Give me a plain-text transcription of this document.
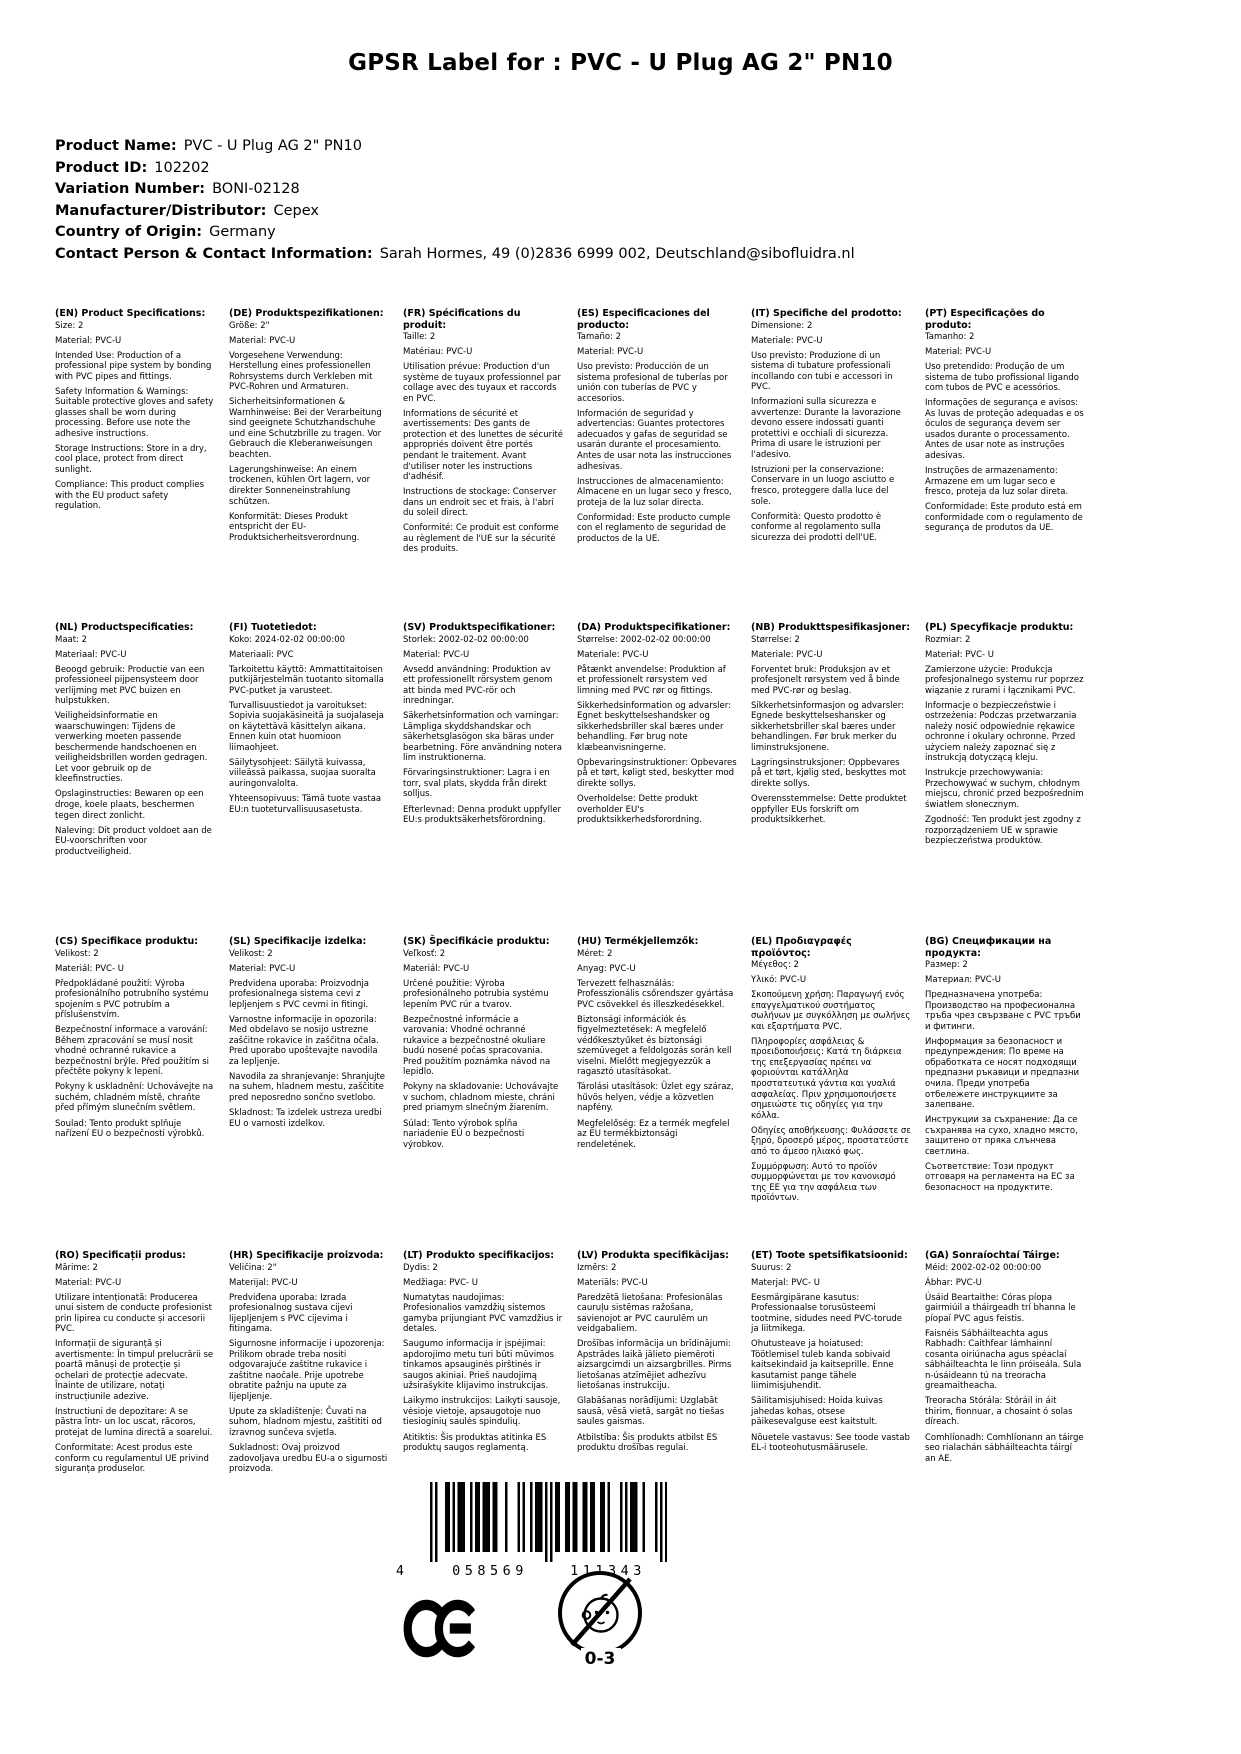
GPSR Label for : PVC - U Plug AG 2" PN10
Product Name: PVC - U Plug AG 2" PN10
Product ID: 102202
Variation Number: BONI-02128
Manufacturer/Distributor: Cepex
Country of Origin: Germany
Contact Person & Contact Information: Sarah Hormes, 49 (0)2836 6999 002, Deutschland@sibofluidra.nl
(EN) Product Specifications:

Size: 2

Material: PVC-U

Intended Use: Production of a professional pipe system by bonding with PVC pipes and fittings.

Safety Information & Warnings: Suitable protective gloves and safety glasses shall be worn during processing. Before use note the adhesive instructions.

Storage Instructions: Store in a dry, cool place, protect from direct sunlight.

Compliance: This product complies with the EU product safety regulation.

(DE) Produktspezifikationen:

Größe: 2"

Material: PVC-U

Vorgesehene Verwendung: Herstellung eines professionellen Rohrsystems durch Verkleben mit PVC-Rohren und Armaturen.

Sicherheitsinformationen & Warnhinweise: Bei der Verarbeitung sind geeignete Schutzhandschuhe und eine Schutzbrille zu tragen. Vor Gebrauch die Kleberanweisungen beachten.

Lagerungshinweise: An einem trockenen, kühlen Ort lagern, vor direkter Sonneneinstrahlung schützen.

Konformität: Dieses Produkt entspricht der EU-Produktsicherheitsverordnung.

(FR) Spécifications du produit:

Taille: 2

Matériau: PVC-U

Utilisation prévue: Production d'un système de tuyaux professionnel par collage avec des tuyaux et raccords en PVC.

Informations de sécurité et avertissements: Des gants de protection et des lunettes de sécurité appropriés doivent être portés pendant le traitement. Avant d'utiliser noter les instructions d'adhésif.

Instructions de stockage: Conserver dans un endroit sec et frais, à l'abri du soleil direct.

Conformité: Ce produit est conforme au règlement de l'UE sur la sécurité des produits.

(ES) Especificaciones del producto:

Tamaño: 2

Material: PVC-U

Uso previsto: Producción de un sistema profesional de tuberías por unión con tuberías de PVC y accesorios.

Información de seguridad y advertencias: Guantes protectores adecuados y gafas de seguridad se usarán durante el procesamiento. Antes de usar nota las instrucciones adhesivas.

Instrucciones de almacenamiento: Almacene en un lugar seco y fresco, proteja de la luz solar directa.

Conformidad: Este producto cumple con el reglamento de seguridad de productos de la UE.

(IT) Specifiche del prodotto:

Dimensione: 2

Materiale: PVC-U

Uso previsto: Produzione di un sistema di tubature professionali incollando con tubi e accessori in PVC.

Informazioni sulla sicurezza e avvertenze: Durante la lavorazione devono essere indossati guanti protettivi e occhiali di sicurezza. Prima di usare le istruzioni per l'adesivo.

Istruzioni per la conservazione: Conservare in un luogo asciutto e fresco, proteggere dalla luce del sole.

Conformità: Questo prodotto è conforme al regolamento sulla sicurezza dei prodotti dell'UE.

(PT) Especificações do produto:

Tamanho: 2

Material: PVC-U

Uso pretendido: Produção de um sistema de tubo profissional ligando com tubos de PVC e acessórios.

Informações de segurança e avisos: As luvas de proteção adequadas e os óculos de segurança devem ser usados durante o processamento. Antes de usar note as instruções adesivas.

Instruções de armazenamento: Armazene em um lugar seco e fresco, proteja da luz solar direta.

Conformidade: Este produto está em conformidade com o regulamento de segurança de produtos da UE.

(NL) Productspecificaties:

Maat: 2

Materiaal: PVC-U

Beoogd gebruik: Productie van een professioneel pijpensysteem door verlijming met PVC buizen en hulpstukken.

Veiligheidsinformatie en waarschuwingen: Tijdens de verwerking moeten passende beschermende handschoenen en veiligheidsbrillen worden gedragen. Let voor gebruik op de kleefinstructies.

Opslaginstructies: Bewaren op een droge, koele plaats, beschermen tegen direct zonlicht.

Naleving: Dit product voldoet aan de EU-voorschriften voor productveiligheid.

(FI) Tuotetiedot:

Koko: 2024-02-02 00:00:00

Materiaali: PVC

Tarkoitettu käyttö: Ammattitaitoisen putkijärjestelmän tuotanto sitomalla PVC-putket ja varusteet.

Turvallisuustiedot ja varoitukset: Sopivia suojakäsineitä ja suojalaseja on käytettävä käsittelyn aikana. Ennen kuin otat huomioon liimaohjeet.

Säilytysohjeet: Säilytä kuivassa, viileässä paikassa, suojaa suoralta auringonvalolta.

Yhteensopivuus: Tämä tuote vastaa EU:n tuoteturvallisuusasetusta.

(SV) Produktspecifikationer:

Storlek: 2002-02-02 00:00:00

Material: PVC-U

Avsedd användning: Produktion av ett professionellt rörsystem genom att binda med PVC-rör och inredningar.

Säkerhetsinformation och varningar: Lämpliga skyddshandskar och säkerhetsglasögon ska bäras under bearbetning. Före användning notera lim instruktionerna.

Förvaringsinstruktioner: Lagra i en torr, sval plats, skydda från direkt solljus.

Efterlevnad: Denna produkt uppfyller EU:s produktsäkerhetsförordning.

(DA) Produktspecifikationer:

Størrelse: 2002-02-02 00:00:00

Materiale: PVC-U

Påtænkt anvendelse: Produktion af et professionelt rørsystem ved limning med PVC rør og fittings.

Sikkerhedsinformation og advarsler: Egnet beskyttelseshandsker og sikkerhedsbriller skal bæres under behandling. Før brug note klæbeanvisningerne.

Opbevaringsinstruktioner: Opbevares på et tørt, køligt sted, beskytter mod direkte sollys.

Overholdelse: Dette produkt overholder EU's produktsikkerhedsforordning.

(NB) Produkttspesifikasjoner:

Størrelse: 2

Materiale: PVC-U

Forventet bruk: Produksjon av et profesjonelt rørsystem ved å binde med PVC-rør og beslag.

Sikkerhetsinformasjon og advarsler: Egnede beskyttelseshansker og sikkerhetsbriller skal bæres under behandlingen. Før bruk merker du liminstruksjonene.

Lagringsinstruksjoner: Oppbevares på et tørt, kjølig sted, beskyttes mot direkte sollys.

Overensstemmelse: Dette produktet oppfyller EUs forskrift om produktsikkerhet.

(PL) Specyfikacje produktu:

Rozmiar: 2

Materiał: PVC- U

Zamierzone użycie: Produkcja profesjonalnego systemu rur poprzez wiązanie z rurami i łącznikami PVC.

Informacje o bezpieczeństwie i ostrzeżenia: Podczas przetwarzania należy nosić odpowiednie rękawice ochronne i okulary ochronne. Przed użyciem należy zapoznać się z instrukcją dotyczącą kleju.

Instrukcje przechowywania: Przechowywać w suchym, chłodnym miejscu, chronić przed bezpośrednim światłem słonecznym.

Zgodność: Ten produkt jest zgodny z rozporządzeniem UE w sprawie bezpieczeństwa produktów.

(CS) Specifikace produktu:

Velikost: 2

Materiál: PVC- U

Předpokládané použití: Výroba profesionálního potrubního systému spojením s PVC potrubím a příslušenstvím.

Bezpečnostní informace a varování: Během zpracování se musí nosit vhodné ochranné rukavice a bezpečnostní brýle. Před použitím si přečtěte pokyny k lepení.

Pokyny k uskladnění: Uchovávejte na suchém, chladném místě, chraňte před přímým slunečním světlem.

Soulad: Tento produkt splňuje nařízení EU o bezpečnosti výrobků.

(SL) Specifikacije izdelka:

Velikost: 2

Material: PVC-U

Predvidena uporaba: Proizvodnja profesionalnega sistema cevi z lepljenjem s PVC cevmi in fitingi.

Varnostne informacije in opozorila: Med obdelavo se nosijo ustrezne zaščitne rokavice in zaščitna očala. Pred uporabo upoštevajte navodila za lepljenje.

Navodila za shranjevanje: Shranjujte na suhem, hladnem mestu, zaščitite pred neposredno sončno svetlobo.

Skladnost: Ta izdelek ustreza uredbi EU o varnosti izdelkov.

(SK) Špecifikácie produktu:

Veľkosť: 2

Materiál: PVC-U

Určené použitie: Výroba profesionálneho potrubia systému lepením PVC rúr a tvarov.

Bezpečnostné informácie a varovania: Vhodné ochranné rukavice a bezpečnostné okuliare budú nosené počas spracovania. Pred použitím poznámka návod na lepidlo.

Pokyny na skladovanie: Uchovávajte v suchom, chladnom mieste, chráni pred priamym slnečným žiarením.

Súlad: Tento výrobok spĺňa nariadenie EÚ o bezpečnosti výrobkov.

(HU) Termékjellemzők:

Méret: 2

Anyag: PVC-U

Tervezett felhasználás: Professzionális csőrendszer gyártása PVC csövekkel és illeszkedésekkel.

Biztonsági információk és figyelmeztetések: A megfelelő védőkesztyűket és biztonsági szemüveget a feldolgozás során kell viselni. Mielőtt megjegyezzük a ragasztó utasításokat.

Tárolási utasítások: Üzlet egy száraz, hűvös helyen, védje a közvetlen napfény.

Megfelelőség: Ez a termék megfelel az EU termékbiztonsági rendeletének.

(EL) Προδιαγραφές προϊόντος:

Μέγεθος: 2

Υλικό: PVC-U

Σκοπούμενη χρήση: Παραγωγή ενός επαγγελματικού συστήματος σωλήνων με συγκόλληση με σωλήνες και εξαρτήματα PVC.

Πληροφορίες ασφάλειας & προειδοποιήσεις: Κατά τη διάρκεια της επεξεργασίας πρέπει να φοριούνται κατάλληλα προστατευτικά γάντια και γυαλιά ασφαλείας. Πριν χρησιμοποιήσετε σημειώστε τις οδηγίες για την κόλλα.

Οδηγίες αποθήκευσης: Φυλάσσετε σε ξηρό, δροσερό μέρος, προστατεύστε από το άμεσο ηλιακό φως.

Συμμόρφωση: Αυτό το προϊόν συμμορφώνεται με τον κανονισμό της ΕΕ για την ασφάλεια των προϊόντων.

(BG) Спецификации на продукта:

Размер: 2

Материал: PVC-U

Предназначена употреба: Производство на професионална тръба чрез свързване с PVC тръби и фитинги.

Информация за безопасност и предупреждения: По време на обработката се носят подходящи предпазни ръкавици и предпазни очила. Преди употреба отбележете инструкциите за залепване.

Инструкции за съхранение: Да се съхранява на сухо, хладно място, защитено от пряка слънчева светлина.

Съответствие: Този продукт отговаря на регламента на ЕС за безопасност на продуктите.

(RO) Specificații produs:

Mărime: 2

Material: PVC-U

Utilizare intenționată: Producerea unui sistem de conducte profesionist prin lipirea cu conducte și accesorii PVC.

Informații de siguranță și avertismente: În timpul prelucrării se poartă mănuși de protecție și ochelari de protecție adecvate. Înainte de utilizare, notați instrucțiunile adezive.

Instructiuni de depozitare: A se păstra într- un loc uscat, răcoros, protejat de lumina directă a soarelui.

Conformitate: Acest produs este conform cu regulamentul UE privind siguranța produselor.

(HR) Specifikacije proizvoda:

Veličina: 2"

Materijal: PVC-U

Predviđena uporaba: Izrada profesionalnog sustava cijevi lijepljenjem s PVC cijevima i fitingama.

Sigurnosne informacije i upozorenja: Prilikom obrade treba nositi odgovarajuće zaštitne rukavice i zaštitne naočale. Prije upotrebe obratite pažnju na upute za lijepljenje.

Upute za skladištenje: Čuvati na suhom, hladnom mjestu, zaštititi od izravnog sunčeva svjetla.

Sukladnost: Ovaj proizvod zadovoljava uredbu EU-a o sigurnosti proizvoda.

(LT) Produkto specifikacijos:

Dydis: 2

Medžiaga: PVC- U

Numatytas naudojimas: Profesionalios vamzdžių sistemos gamyba prijungiant PVC vamzdžius ir detales.

Saugumo informacija ir įspėjimai: apdorojimo metu turi būti mūvimos tinkamos apsauginės pirštinės ir saugos akiniai. Prieš naudojimą užsirašykite klijavimo instrukcijas.

Laikymo instrukcijos: Laikyti sausoje, vėsioje vietoje, apsaugotoje nuo tiesioginių saulės spindulių.

Atitiktis: Šis produktas atitinka ES produktų saugos reglamentą.

(LV) Produkta specifikācijas:

Izmērs: 2

Materiāls: PVC-U

Paredzētā lietošana: Profesionālas cauruļu sistēmas ražošana, savienojot ar PVC caurulēm un veidgabaliem.

Drošības informācija un brīdinājumi: Apstrādes laikā jālieto piemēroti aizsargcimdi un aizsargbrilles. Pirms lietošanas atzīmējiet adhezīvu lietošanas instrukciju.

Glabāšanas norādījumi: Uzglabāt sausā, vēsā vietā, sargāt no tiešas saules gaismas.

Atbilstība: Šis produkts atbilst ES produktu drošības regulai.

(ET) Toote spetsifikatsioonid:

Suurus: 2

Materjal: PVC- U

Eesmärgipärane kasutus: Professionaalse torusüsteemi tootmine, sidudes need PVC-torude ja liitmikega.

Ohutusteave ja hoiatused: Töötlemisel tuleb kanda sobivaid kaitsekindaid ja kaitseprille. Enne kasutamist pange tähele liimimisjuhendit.

Säilitamisjuhised: Hoida kuivas jahedas kohas, otsese päikesevalguse eest kaitstult.

Nõuetele vastavus: See toode vastab EL-i tooteohutusmäärusele.

(GA) Sonraíochtaí Táirge:

Méid: 2002-02-02 00:00:00

Ábhar: PVC-U

Úsáid Beartaithe: Córas píopa gairmiúil a tháirgeadh trí bhanna le píopaí PVC agus feistis.

Faisnéis Sábháilteachta agus Rabhadh: Caithfear lámhainní cosanta oiriúnacha agus spéaclaí sábháilteachta le linn próiseála. Sula n-úsáideann tú na treoracha greamaitheacha.

Treoracha Stórála: Stóráil in áit thirim, fionnuar, a chosaint ó solas díreach.

Comhlíonadh: Comhlíonann an táirge seo rialachán sábháilteachta táirgí an AE.

4	058569	111343
0-3
